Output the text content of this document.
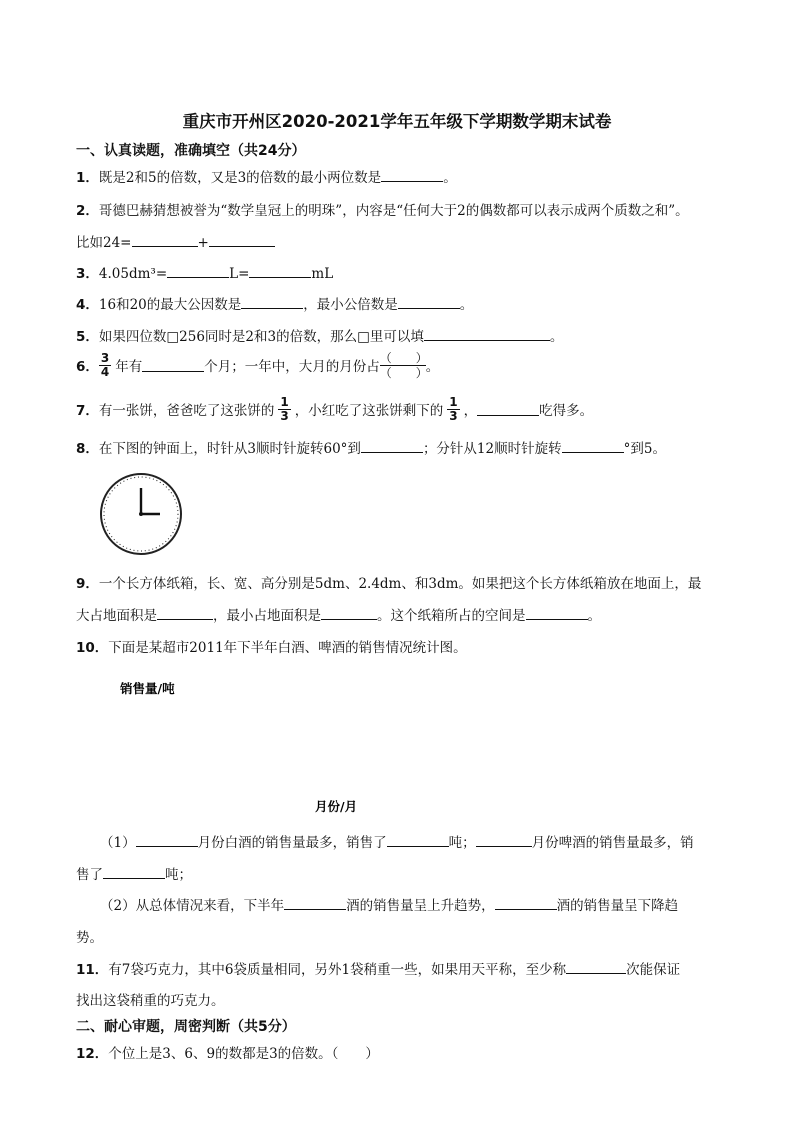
重庆市开州区2020-2021学年五年级下学期数学期末试卷
一、认真读题，准确填空（共24分）
1．既是2和5的倍数，又是3的倍数的最小两位数是	。
2．哥德巴赫猜想被誉为“数学皇冠上的明珠”，内容是“任何大于2的偶数都可以表示成两个质数之和”。
比如24=	+
3．4.05dm³=	L=	mL
4．16和20的最大公因数是	，最小公倍数是	。
5．如果四位数□256同时是2和3的倍数，那么□里可以填	。
6． $\frac{3}{4}$ 年有	个月；一年中，大月的月份占
（　　）
（　　）
。
7． 有一张饼，爸爸吃了这张饼的 $\frac{1}{3}$ ，小红吃了这张饼剩下的 $\frac{1}{3}$ ，	吃得多。
8．在下图的钟面上，时针从3顺时针旋转60°到	；分针从12顺时针旋转	°到5。
9．一个长方体纸箱，长、宽、高分别是5dm、2.4dm、和3dm。如果把这个长方体纸箱放在地面上，最
大占地面积是	，最小占地面积是	。这个纸箱所占的空间是	。
10．下面是某超市2011年下半年白酒、啤酒的销售情况统计图。
销售量/吨
月份/月
（1）	月份白酒的销售量最多，销售了	吨；	月份啤酒的销售量最多，销
售了	吨；
（2）从总体情况来看，下半年	酒的销售量呈上升趋势，	酒的销售量呈下降趋
势。
11．有7袋巧克力，其中6袋质量相同，另外1袋稍重一些，如果用天平称，至少称	次能保证
找出这袋稍重的巧克力。
二、耐心审题，周密判断（共5分）
12．个位上是3、6、9的数都是3的倍数。（　　）
